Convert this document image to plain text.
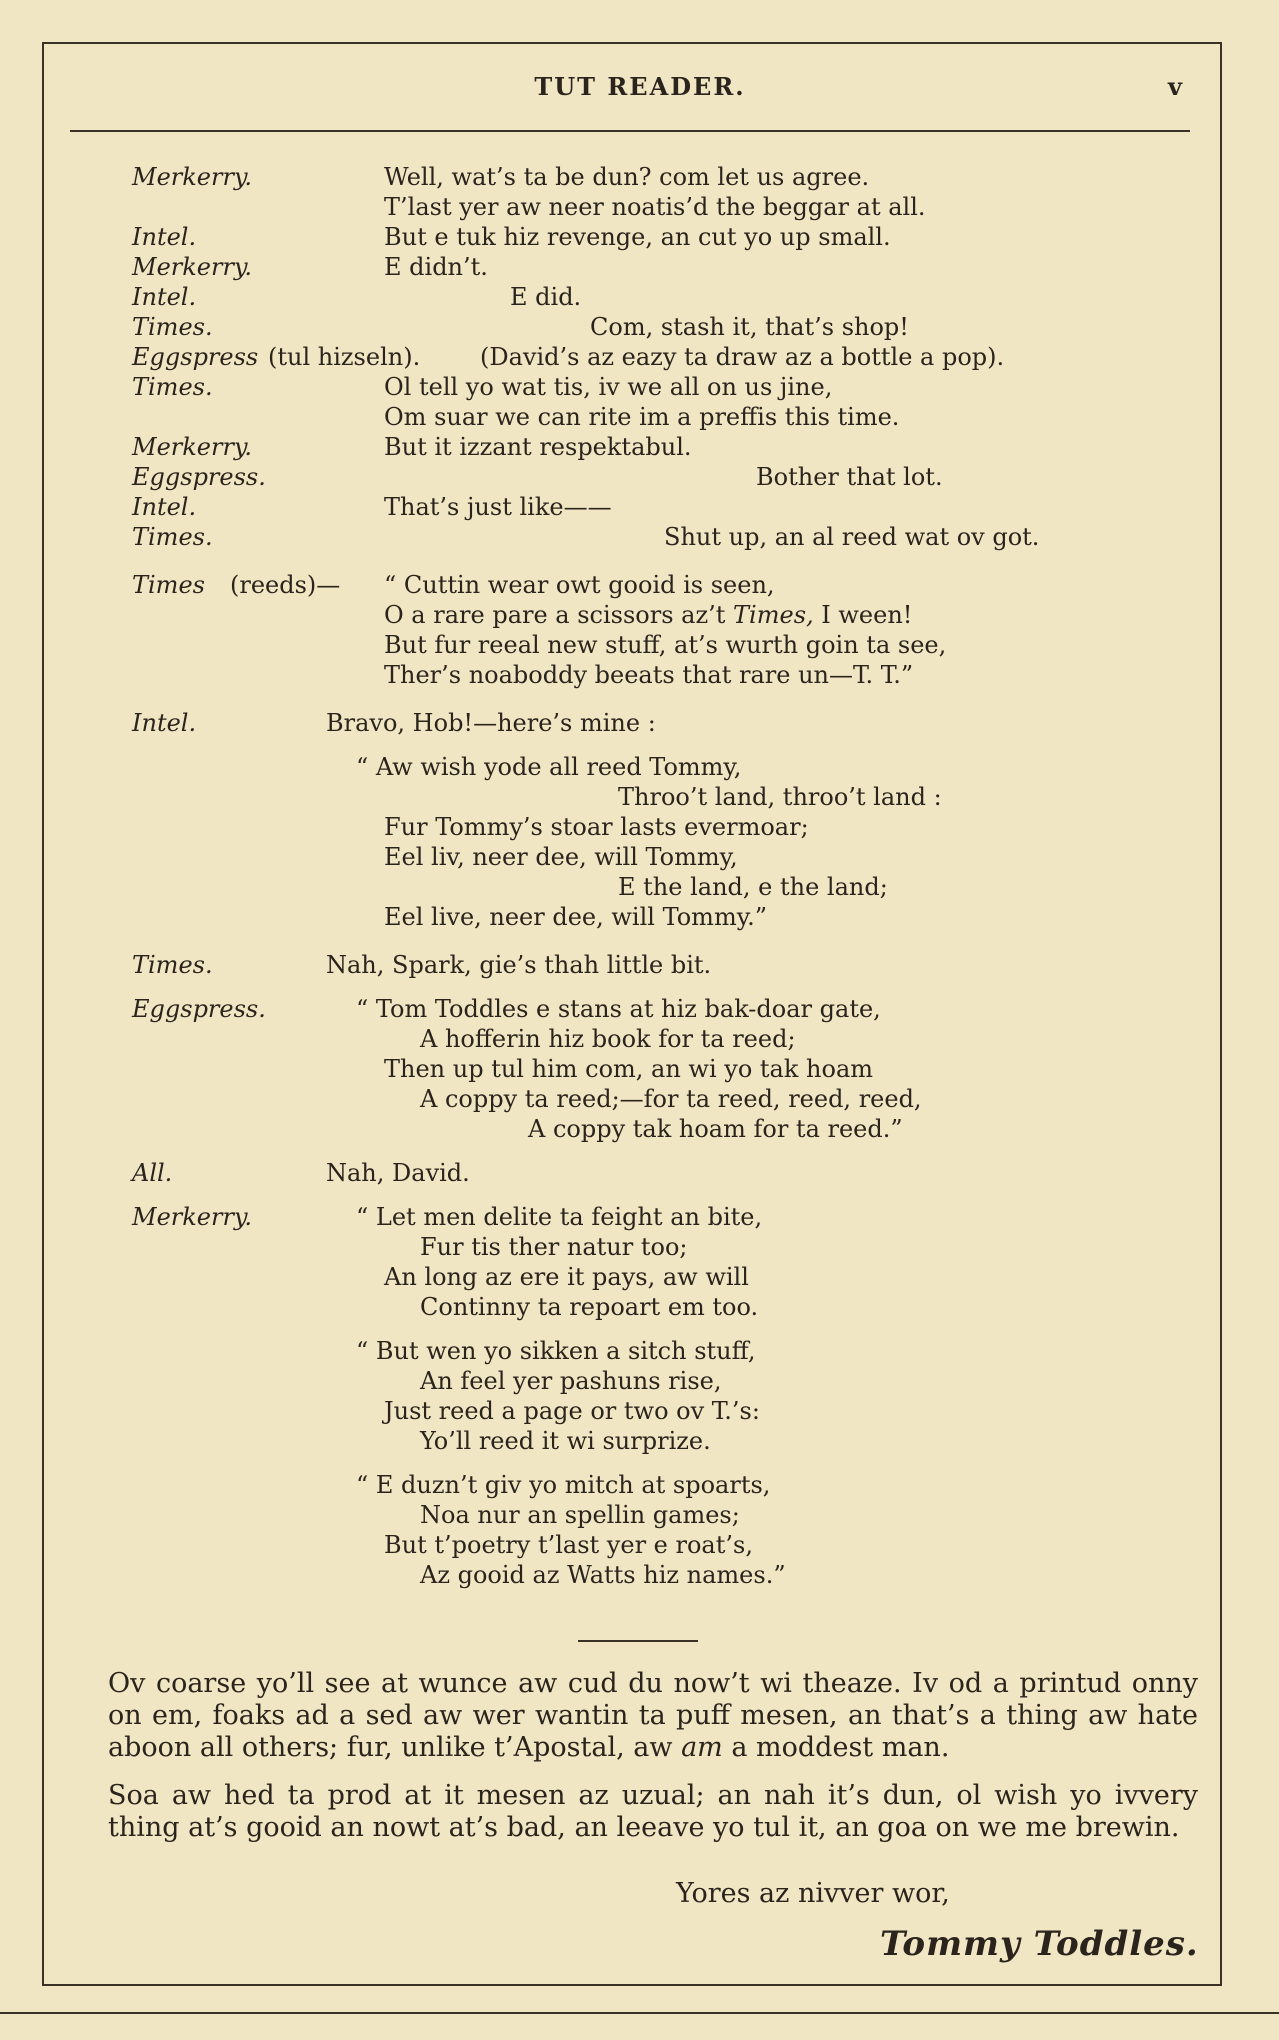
TUT READER.	v
Merkerry.	Well, wat’s ta be dun? com let us agree.
T’last yer aw neer noatis’d the beggar at all.
Intel.	But e tuk hiz revenge, an cut yo up small.
Merkerry.	E didn’t.
Intel.	E did.
Times.	Com, stash it, that’s shop!
Eggspress (tul hizseln). (David’s az eazy ta draw az a bottle a pop).
Times.	Ol tell yo wat tis, iv we all on us jine,
Om suar we can rite im a preffis this time.
Merkerry.	But it izzant respektabul.
Eggspress.	Bother that lot.
Intel.	That’s just like——
Times.	Shut up, an al reed wat ov got.
Times (reeds)— “ Cuttin wear owt gooid is seen,
O a rare pare a scissors az’t Times, I ween!
But fur reeal new stuff, at’s wurth goin ta see,
Ther’s noaboddy beeats that rare un—T. T.”
Intel.	Bravo, Hob!—here’s mine :
“ Aw wish yode all reed Tommy,
Throo’t land, throo’t land :
Fur Tommy’s stoar lasts evermoar;
Eel liv, neer dee, will Tommy,
E the land, e the land;
Eel live, neer dee, will Tommy.”
Times.	Nah, Spark, gie’s thah little bit.
Eggspress.	“ Tom Toddles e stans at hiz bak-doar gate,
A hofferin hiz book for ta reed;
Then up tul him com, an wi yo tak hoam
A coppy ta reed;—for ta reed, reed, reed,
A coppy tak hoam for ta reed.”
All.	Nah, David.
Merkerry.	“ Let men delite ta feight an bite,
Fur tis ther natur too;
An long az ere it pays, aw will
Continny ta repoart em too.
“ But wen yo sikken a sitch stuff,
An feel yer pashuns rise,
Just reed a page or two ov T.’s:
Yo’ll reed it wi surprize.
“ E duzn’t giv yo mitch at spoarts,
Noa nur an spellin games;
But t’poetry t’last yer e roat’s,
Az gooid az Watts hiz names.”

Ov coarse yo’ll see at wunce aw cud du now’t wi theaze. Iv od a printud onny on em, foaks ad a sed aw wer wantin ta puff mesen, an that’s a thing aw hate aboon all others; fur, unlike t’Apostal, aw am a moddest man.

Soa aw hed ta prod at it mesen az uzual; an nah it’s dun, ol wish yo ivvery thing at’s gooid an nowt at’s bad, an leeave yo tul it, an goa on we me brewin.

Yores az nivver wor,
Tommy Toddles.
